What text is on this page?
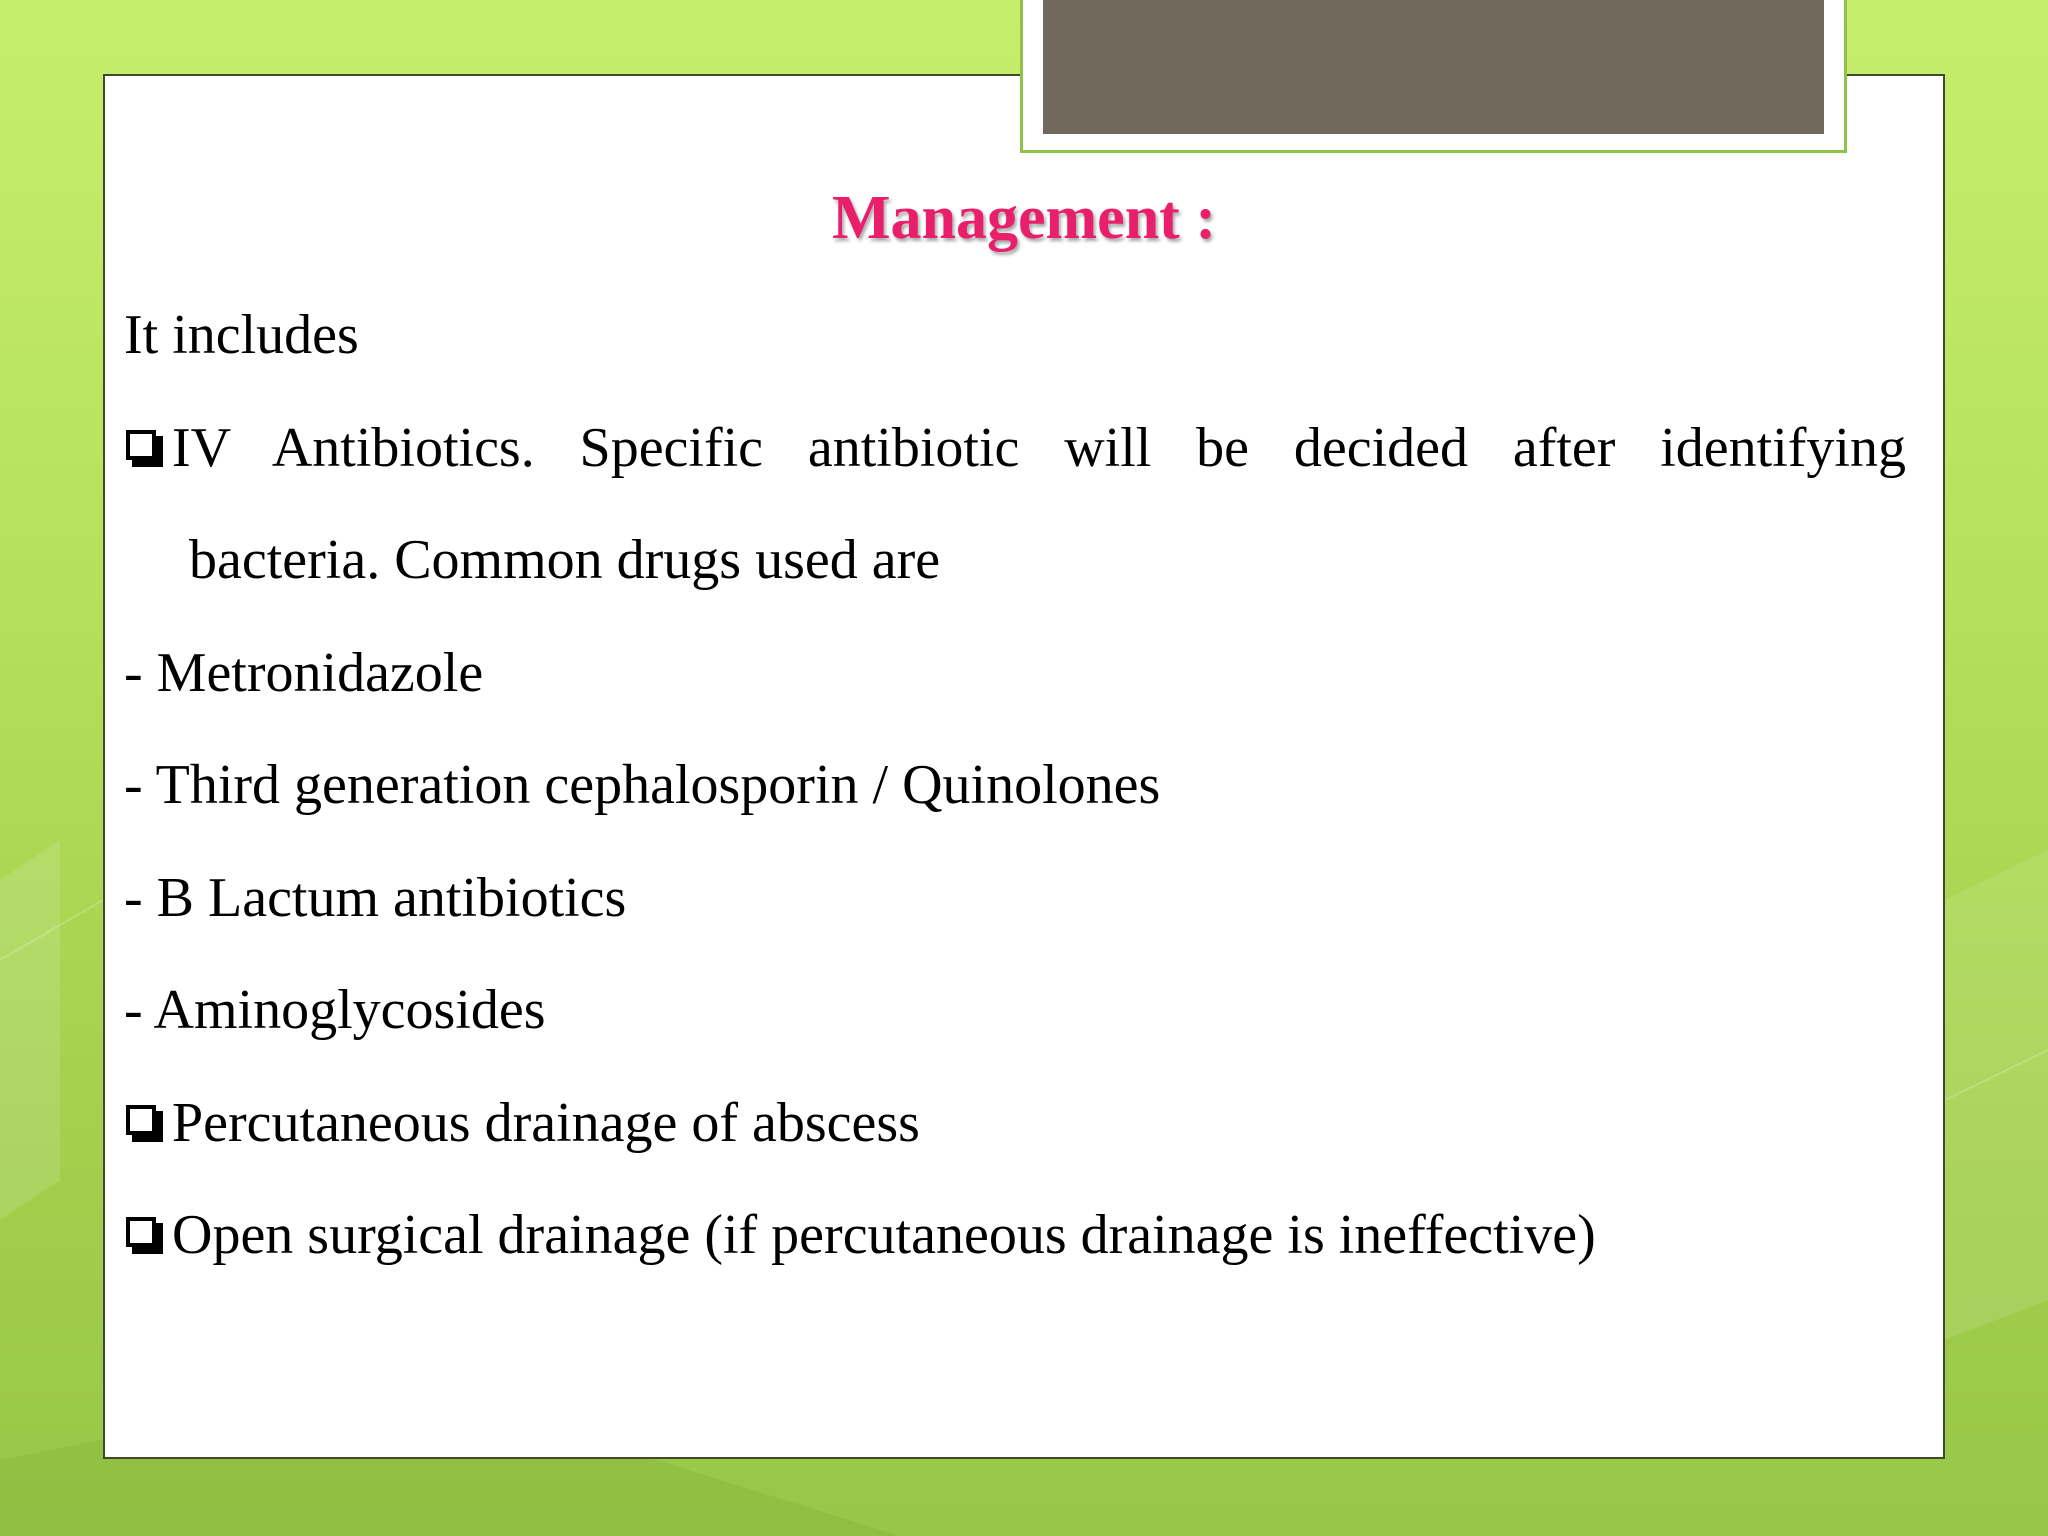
Management :
It includes
IV Antibiotics. Specific antibiotic will be decided after identifying
bacteria. Common drugs used are
- Metronidazole
- Third generation cephalosporin / Quinolones
- B Lactum antibiotics
- Aminoglycosides
Percutaneous drainage of abscess
Open surgical drainage (if percutaneous drainage is ineffective)
